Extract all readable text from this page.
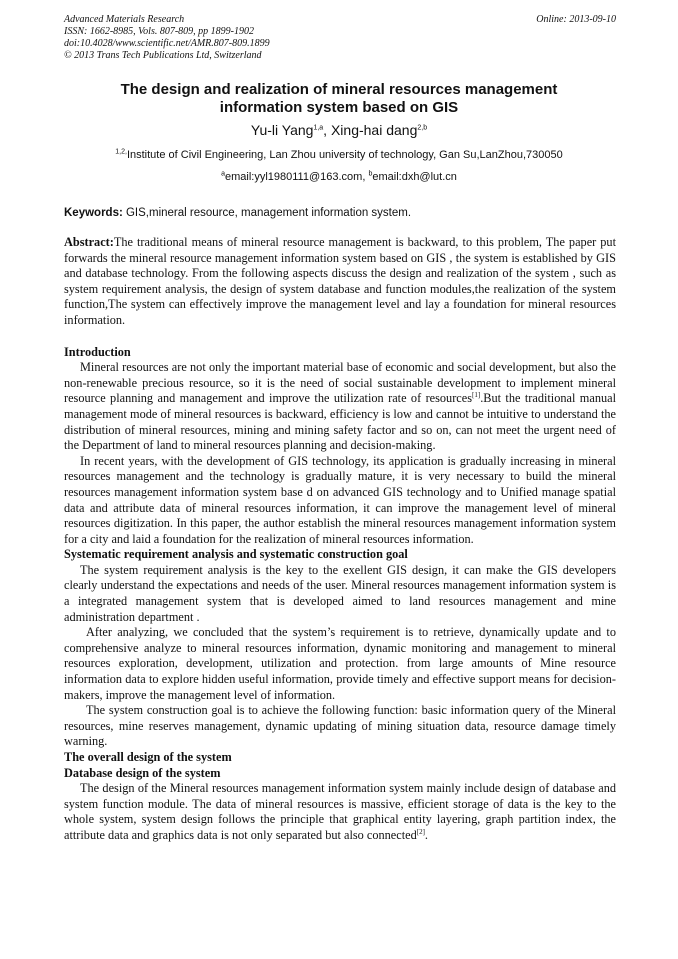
Advanced Materials Research
ISSN: 1662-8985, Vols. 807-809, pp 1899-1902
doi:10.4028/www.scientific.net/AMR.807-809.1899
© 2013 Trans Tech Publications Ltd, Switzerland
Online: 2013-09-10
The design and realization of mineral resources management
information system based on GIS
Yu-li Yang$^{1,a}$, Xing-hai dang$^{2,b}$
$^{1,2,}$Institute of Civil Engineering, Lan Zhou university of technology, Gan Su,LanZhou,730050
$^a$email:yyl1980111@163.com, $^b$email:dxh@lut.cn
Keywords: GIS,mineral resource, management information system.

Abstract:The traditional means of mineral resource management is backward, to this problem, The paper put forwards the mineral resource management information system based on GIS , the system is established by GIS and database technology. From the following aspects discuss the design and realization of the system , such as system requirement analysis, the design of system database and function modules,the realization of the system function,The system can effectively improve the management level and lay a foundation for mineral resources information.

Introduction

Mineral resources are not only the important material base of economic and social development, but also the non-renewable precious resource, so it is the need of social sustainable development to implement mineral resource planning and management and improve the utilization rate of resources[1].But the traditional manual management mode of mineral resources is backward, efficiency is low and cannot be intuitive to understand the distribution of mineral resources, mining and mining safety factor and so on, can not meet the urgent need of the Department of land to mineral resources planning and decision-making.

In recent years, with the development of GIS technology, its application is gradually increasing in mineral resources management and the technology is gradually mature, it is very necessary to build the mineral resources management information system base d on advanced GIS technology and to Unified manage spatial data and attribute data of mineral resources information, it can improve the management level of mineral resources digitization. In this paper, the author establish the mineral resources management information system for a city and laid a foundation for the realization of mineral resources information.

Systematic requirement analysis and systematic construction goal

The system requirement analysis is the key to the exellent GIS design, it can make the GIS developers clearly understand the expectations and needs of the user. Mineral resources management information system is a integrated management system that is developed aimed to land resources management and mine administration department .

After analyzing, we concluded that the system’s requirement is to retrieve, dynamically update and to comprehensive analyze to mineral resources information, dynamic monitoring and management to mineral resources exploration, development, utilization and protection. from large amounts of Mine resource information data to explore hidden useful information, provide timely and effective support means for decision-makers, improve the management level of information.

The system construction goal is to achieve the following function: basic information query of the Mineral resources, mine reserves management, dynamic updating of mining situation data, resource damage timely warning.

The overall design of the system
Database design of the system

The design of the Mineral resources management information system mainly include design of database and system function module. The data of mineral resources is massive, efficient storage of data is the key to the whole system, system design follows the principle that graphical entity layering, graph partition index, the attribute data and graphics data is not only separated but also connected[2].
